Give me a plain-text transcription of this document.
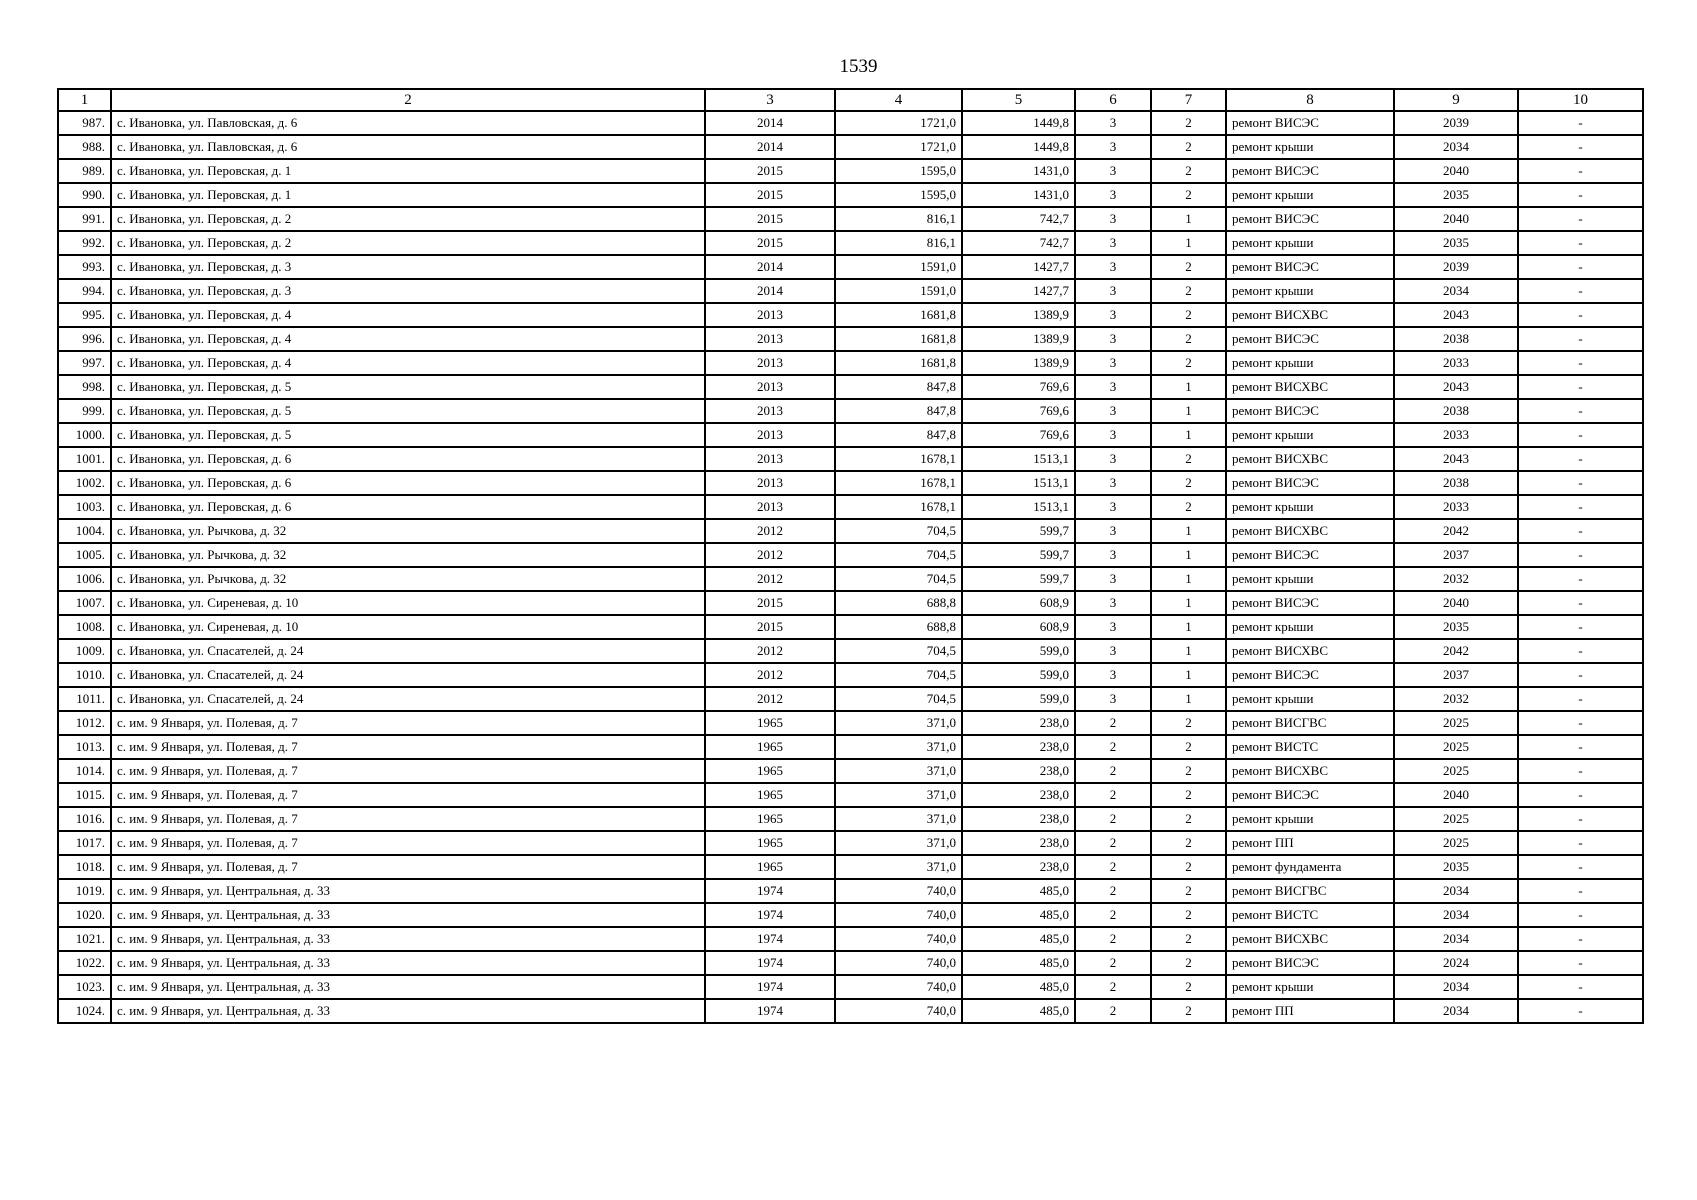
1539
1	2	3	4	5	6	7	8	9	10
987.	с. Ивановка, ул. Павловская, д. 6	2014	1721,0	1449,8	3	2	ремонт ВИСЭС	2039	-
988.	с. Ивановка, ул. Павловская, д. 6	2014	1721,0	1449,8	3	2	ремонт крыши	2034	-
989.	с. Ивановка, ул. Перовская, д. 1	2015	1595,0	1431,0	3	2	ремонт ВИСЭС	2040	-
990.	с. Ивановка, ул. Перовская, д. 1	2015	1595,0	1431,0	3	2	ремонт крыши	2035	-
991.	с. Ивановка, ул. Перовская, д. 2	2015	816,1	742,7	3	1	ремонт ВИСЭС	2040	-
992.	с. Ивановка, ул. Перовская, д. 2	2015	816,1	742,7	3	1	ремонт крыши	2035	-
993.	с. Ивановка, ул. Перовская, д. 3	2014	1591,0	1427,7	3	2	ремонт ВИСЭС	2039	-
994.	с. Ивановка, ул. Перовская, д. 3	2014	1591,0	1427,7	3	2	ремонт крыши	2034	-
995.	с. Ивановка, ул. Перовская, д. 4	2013	1681,8	1389,9	3	2	ремонт ВИСХВС	2043	-
996.	с. Ивановка, ул. Перовская, д. 4	2013	1681,8	1389,9	3	2	ремонт ВИСЭС	2038	-
997.	с. Ивановка, ул. Перовская, д. 4	2013	1681,8	1389,9	3	2	ремонт крыши	2033	-
998.	с. Ивановка, ул. Перовская, д. 5	2013	847,8	769,6	3	1	ремонт ВИСХВС	2043	-
999.	с. Ивановка, ул. Перовская, д. 5	2013	847,8	769,6	3	1	ремонт ВИСЭС	2038	-
1000.	с. Ивановка, ул. Перовская, д. 5	2013	847,8	769,6	3	1	ремонт крыши	2033	-
1001.	с. Ивановка, ул. Перовская, д. 6	2013	1678,1	1513,1	3	2	ремонт ВИСХВС	2043	-
1002.	с. Ивановка, ул. Перовская, д. 6	2013	1678,1	1513,1	3	2	ремонт ВИСЭС	2038	-
1003.	с. Ивановка, ул. Перовская, д. 6	2013	1678,1	1513,1	3	2	ремонт крыши	2033	-
1004.	с. Ивановка, ул. Рычкова, д. 32	2012	704,5	599,7	3	1	ремонт ВИСХВС	2042	-
1005.	с. Ивановка, ул. Рычкова, д. 32	2012	704,5	599,7	3	1	ремонт ВИСЭС	2037	-
1006.	с. Ивановка, ул. Рычкова, д. 32	2012	704,5	599,7	3	1	ремонт крыши	2032	-
1007.	с. Ивановка, ул. Сиреневая, д. 10	2015	688,8	608,9	3	1	ремонт ВИСЭС	2040	-
1008.	с. Ивановка, ул. Сиреневая, д. 10	2015	688,8	608,9	3	1	ремонт крыши	2035	-
1009.	с. Ивановка, ул. Спасателей, д. 24	2012	704,5	599,0	3	1	ремонт ВИСХВС	2042	-
1010.	с. Ивановка, ул. Спасателей, д. 24	2012	704,5	599,0	3	1	ремонт ВИСЭС	2037	-
1011.	с. Ивановка, ул. Спасателей, д. 24	2012	704,5	599,0	3	1	ремонт крыши	2032	-
1012.	с. им. 9 Января, ул. Полевая, д. 7	1965	371,0	238,0	2	2	ремонт ВИСГВС	2025	-
1013.	с. им. 9 Января, ул. Полевая, д. 7	1965	371,0	238,0	2	2	ремонт ВИСТС	2025	-
1014.	с. им. 9 Января, ул. Полевая, д. 7	1965	371,0	238,0	2	2	ремонт ВИСХВС	2025	-
1015.	с. им. 9 Января, ул. Полевая, д. 7	1965	371,0	238,0	2	2	ремонт ВИСЭС	2040	-
1016.	с. им. 9 Января, ул. Полевая, д. 7	1965	371,0	238,0	2	2	ремонт крыши	2025	-
1017.	с. им. 9 Января, ул. Полевая, д. 7	1965	371,0	238,0	2	2	ремонт ПП	2025	-
1018.	с. им. 9 Января, ул. Полевая, д. 7	1965	371,0	238,0	2	2	ремонт фундамента	2035	-
1019.	с. им. 9 Января, ул. Центральная, д. 33	1974	740,0	485,0	2	2	ремонт ВИСГВС	2034	-
1020.	с. им. 9 Января, ул. Центральная, д. 33	1974	740,0	485,0	2	2	ремонт ВИСТС	2034	-
1021.	с. им. 9 Января, ул. Центральная, д. 33	1974	740,0	485,0	2	2	ремонт ВИСХВС	2034	-
1022.	с. им. 9 Января, ул. Центральная, д. 33	1974	740,0	485,0	2	2	ремонт ВИСЭС	2024	-
1023.	с. им. 9 Января, ул. Центральная, д. 33	1974	740,0	485,0	2	2	ремонт крыши	2034	-
1024.	с. им. 9 Января, ул. Центральная, д. 33	1974	740,0	485,0	2	2	ремонт ПП	2034	-
